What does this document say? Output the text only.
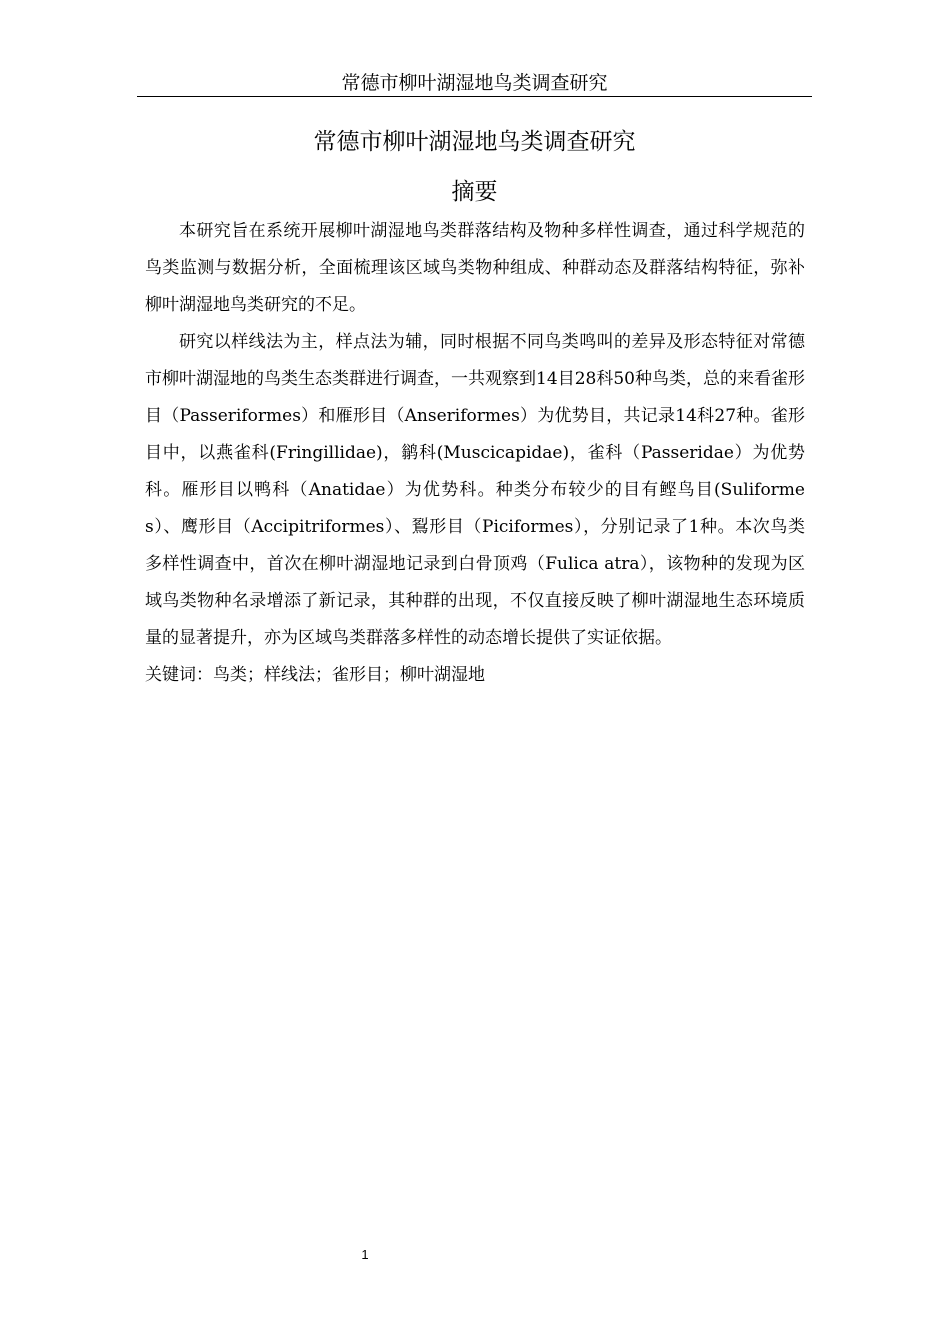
常德市柳叶湖湿地鸟类调查研究
常德市柳叶湖湿地鸟类调查研究
摘要

本研究旨在系统开展柳叶湖湿地鸟类群落结构及物种多样性调查，通过科学规范的鸟类监测与数据分析，全面梳理该区域鸟类物种组成、种群动态及群落结构特征，弥补柳叶湖湿地鸟类研究的不足。

研究以样线法为主，样点法为辅，同时根据不同鸟类鸣叫的差异及形态特征对常德市柳叶湖湿地的鸟类生态类群进行调查，一共观察到14目28科50种鸟类，总的来看雀形目（Passeriformes）和雁形目（Anseriformes）为优势目，共记录14科27种。雀形目中，以燕雀科(Fringillidae)，鹟科(Muscicapidae)，雀科（Passeridae）为优势科。雁形目以鸭科（Anatidae）为优势科。种类分布较少的目有鲣鸟目(Suliformes）、鹰形目（Accipitriformes）、鴷形目（Piciformes），分别记录了1种。本次鸟类多样性调查中，首次在柳叶湖湿地记录到白骨顶鸡（Fulica atra），该物种的发现为区域鸟类物种名录增添了新记录，其种群的出现，不仅直接反映了柳叶湖湿地生态环境质量的显著提升，亦为区域鸟类群落多样性的动态增长提供了实证依据。

关键词：鸟类；样线法；雀形目；柳叶湖湿地

1
